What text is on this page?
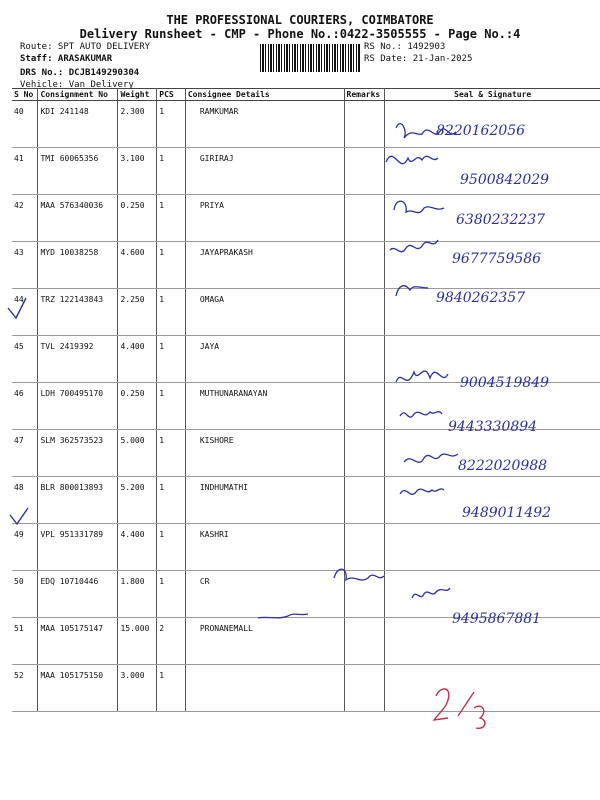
THE PROFESSIONAL COURIERS, COIMBATORE
Delivery Runsheet - CMP - Phone No.:0422-3505555 - Page No.:4
Route: SPT AUTO DELIVERY
Staff: ARASAKUMAR
DRS No.: DCJB149290304
Vehicle: Van Delivery
RS No.: 1492903
RS Date: 21-Jan-2025
S No	Consignment No	Weight	PCS	Consignee Details	Remarks	Seal & Signature
40	KDI 241148	2.300	1	RAMKUMAR		
41	TMI 60065356	3.100	1	GIRIRAJ		
42	MAA 576340036	0.250	1	PRIYA		
43	MYD 10038258	4.600	1	JAYAPRAKASH		
44	TRZ 122143843	2.250	1	OMAGA		
45	TVL 2419392	4.400	1	JAYA		
46	LDH 700495170	0.250	1	MUTHUNARANAYAN		
47	SLM 362573523	5.000	1	KISHORE		
48	BLR 800013893	5.200	1	INDHUMATHI		
49	VPL 951331789	4.400	1	KASHRI		
50	EDQ 10710446	1.800	1	CR		
51	MAA 105175147	15.000	2	PRONANEMALL		
52	MAA 105175150	3.000	1			
8220162056
9500842029
6380232237
9677759586
9840262357
9004519849
9443330894
8222020988
9489011492
9495867881
